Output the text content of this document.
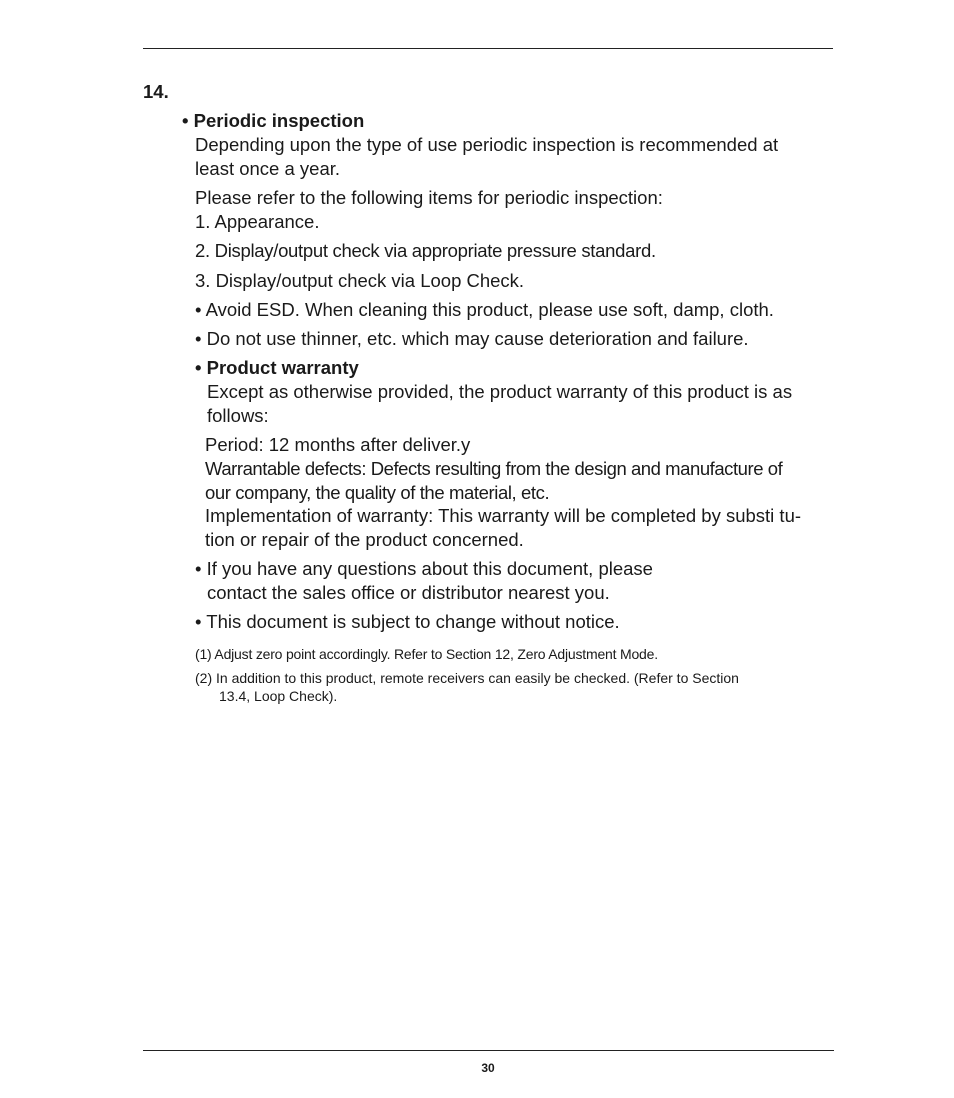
14.
• Periodic inspection
Depending upon the type of use periodic inspection is recommended at
least once a year.
Please refer to the following items for periodic inspection:
1. Appearance.
2. Display/output check via appropriate pressure standard.
3. Display/output check via Loop Check.
• Avoid ESD. When cleaning this product, please use soft, damp, cloth.
• Do not use thinner, etc. which may cause deterioration and failure.
• Product warranty
Except as otherwise provided, the product warranty of this product is as
follows:
Period: 12 months after deliver.y
Warrantable defects: Defects resulting from the design and manufacture of
our company, the quality of the material, etc.
Implementation of warranty: This warranty will be completed by substi tu-
tion or repair of the product concerned.
• If you have any questions about this document, please
contact the sales office or distributor nearest you.
• This document is subject to change without notice.
(1) Adjust zero point accordingly. Refer to Section 12, Zero Adjustment Mode.
(2) In addition to this product, remote receivers can easily be checked. (Refer to Section
13.4, Loop Check).
30
